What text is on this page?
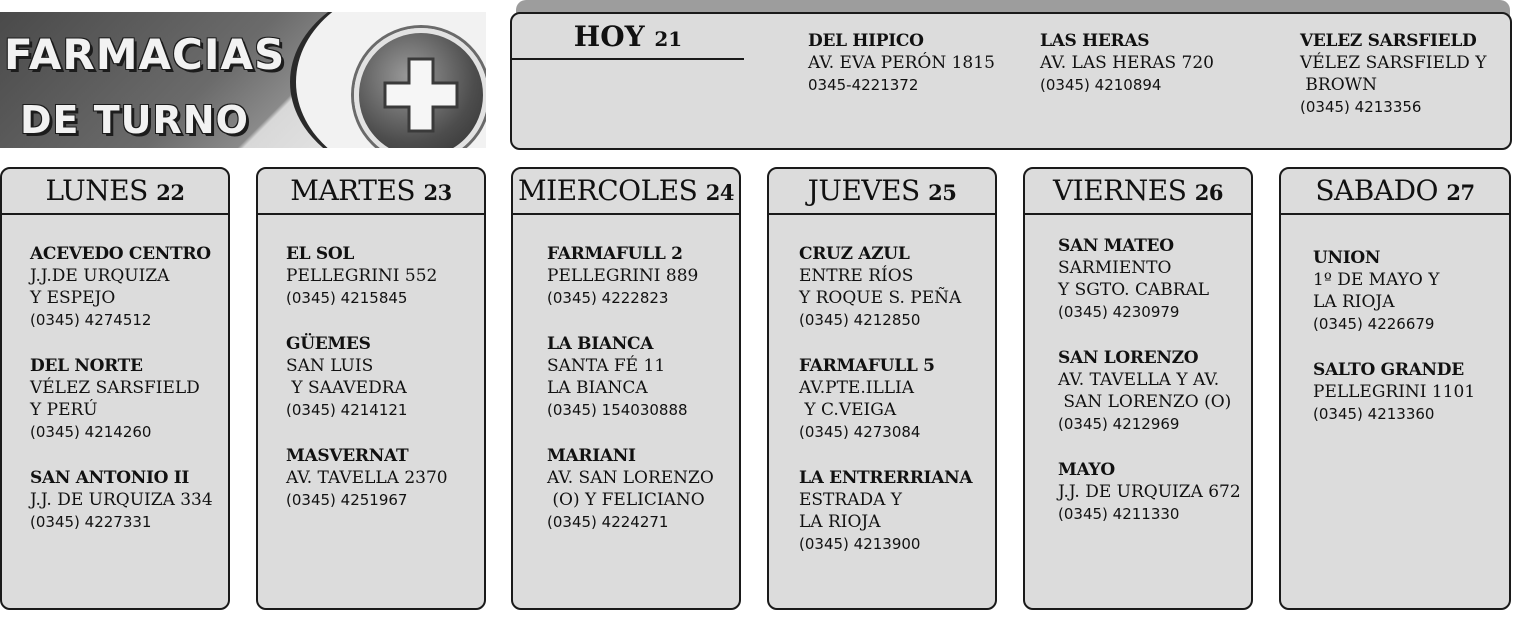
FARMACIAS
DE TURNO
HOY 21	DEL HIPICO
AV. EVA PERÓN 1815
0345-4221372
LAS HERAS
AV. LAS HERAS 720
(0345) 4210894
VELEZ SARSFIELD
VÉLEZ SARSFIELD Y
BROWN
(0345) 4213356
LUNES 22
ACEVEDO CENTRO
J.J.DE URQUIZA
Y ESPEJO
(0345) 4274512
DEL NORTE
VÉLEZ SARSFIELD
Y PERÚ
(0345) 4214260
SAN ANTONIO II
J.J. DE URQUIZA 334
(0345) 4227331
MARTES 23
EL SOL
PELLEGRINI 552
(0345) 4215845
GÜEMES
SAN LUIS
Y SAAVEDRA
(0345) 4214121
MASVERNAT
AV. TAVELLA 2370
(0345) 4251967
MIERCOLES 24
FARMAFULL 2
PELLEGRINI 889
(0345) 4222823
LA BIANCA
SANTA FÉ 11
LA BIANCA
(0345) 154030888
MARIANI
AV. SAN LORENZO
(O) Y FELICIANO
(0345) 4224271
JUEVES 25
CRUZ AZUL
ENTRE RÍOS
Y ROQUE S. PEÑA
(0345) 4212850
FARMAFULL 5
AV.PTE.ILLIA
Y C.VEIGA
(0345) 4273084
LA ENTRERRIANA
ESTRADA Y
LA RIOJA
(0345) 4213900
VIERNES 26
SAN MATEO
SARMIENTO
Y SGTO. CABRAL
(0345) 4230979
SAN LORENZO
AV. TAVELLA Y AV.
SAN LORENZO (O)
(0345) 4212969
MAYO
J.J. DE URQUIZA 672
(0345) 4211330
SABADO 27
UNION
1º DE MAYO Y
LA RIOJA
(0345) 4226679
SALTO GRANDE
PELLEGRINI 1101
(0345) 4213360
